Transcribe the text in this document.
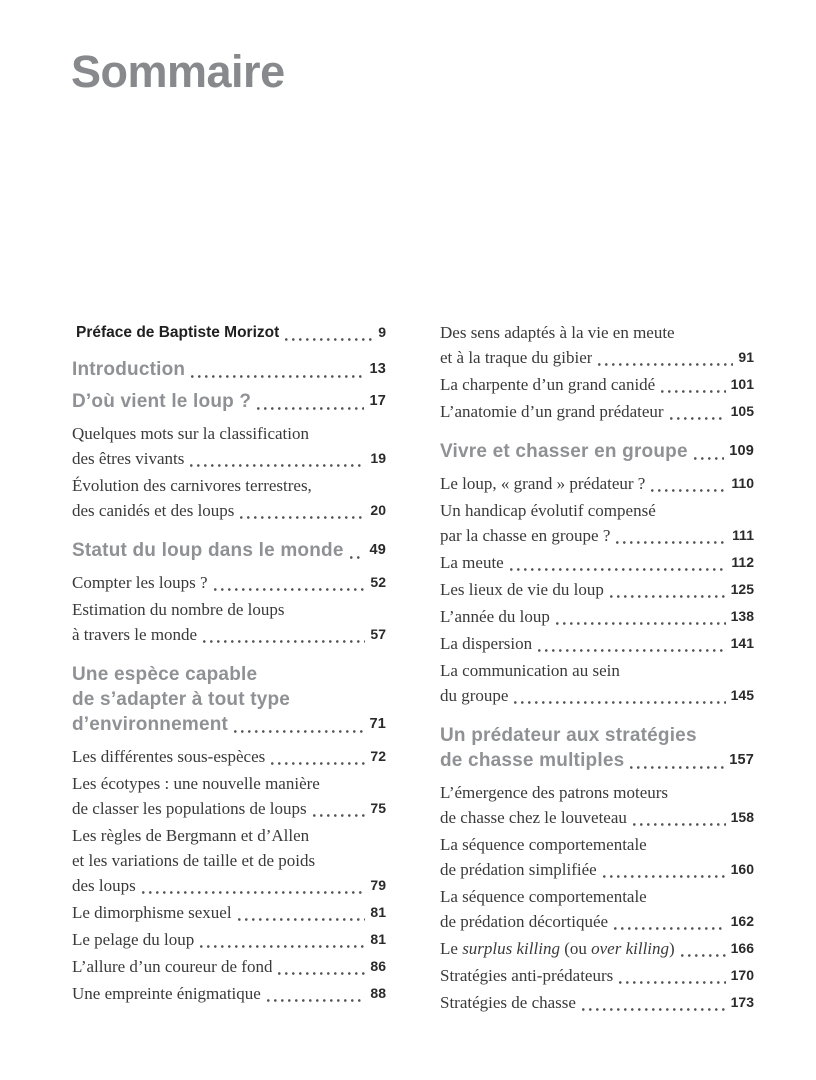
Sommaire
Préface de Baptiste Morizot	9
Introduction	13
D’où vient le loup ?	17
Quelques mots sur la classification
des êtres vivants	19
Évolution des carnivores terrestres,
des canidés et des loups	20
Statut du loup dans le monde 49
Compter les loups ?	52
Estimation du nombre de loups
à travers le monde	57
Une espèce capable
de s’adapter à tout type
d’environnement	71
Les différentes sous-espèces	72
Les écotypes : une nouvelle manière
de classer les populations de loups	75
Les règles de Bergmann et d’Allen
et les variations de taille et de poids
des loups	79
Le dimorphisme sexuel	81
Le pelage du loup	81
L’allure d’un coureur de fond	86
Une empreinte énigmatique	88
Des sens adaptés à la vie en meute
et à la traque du gibier	91
La charpente d’un grand canidé	101
L’anatomie d’un grand prédateur	105
Vivre et chasser en groupe	109
Le loup, « grand » prédateur ?	110
Un handicap évolutif compensé
par la chasse en groupe ?	111
La meute	112
Les lieux de vie du loup	125
L’année du loup	138
La dispersion	141
La communication au sein
du groupe	145
Un prédateur aux stratégies
de chasse multiples	157
L’émergence des patrons moteurs
de chasse chez le louveteau	158
La séquence comportementale
de prédation simplifiée	160
La séquence comportementale
de prédation décortiquée	162
Le surplus killing (ou over killing)	166
Stratégies anti-prédateurs	170
Stratégies de chasse	173
